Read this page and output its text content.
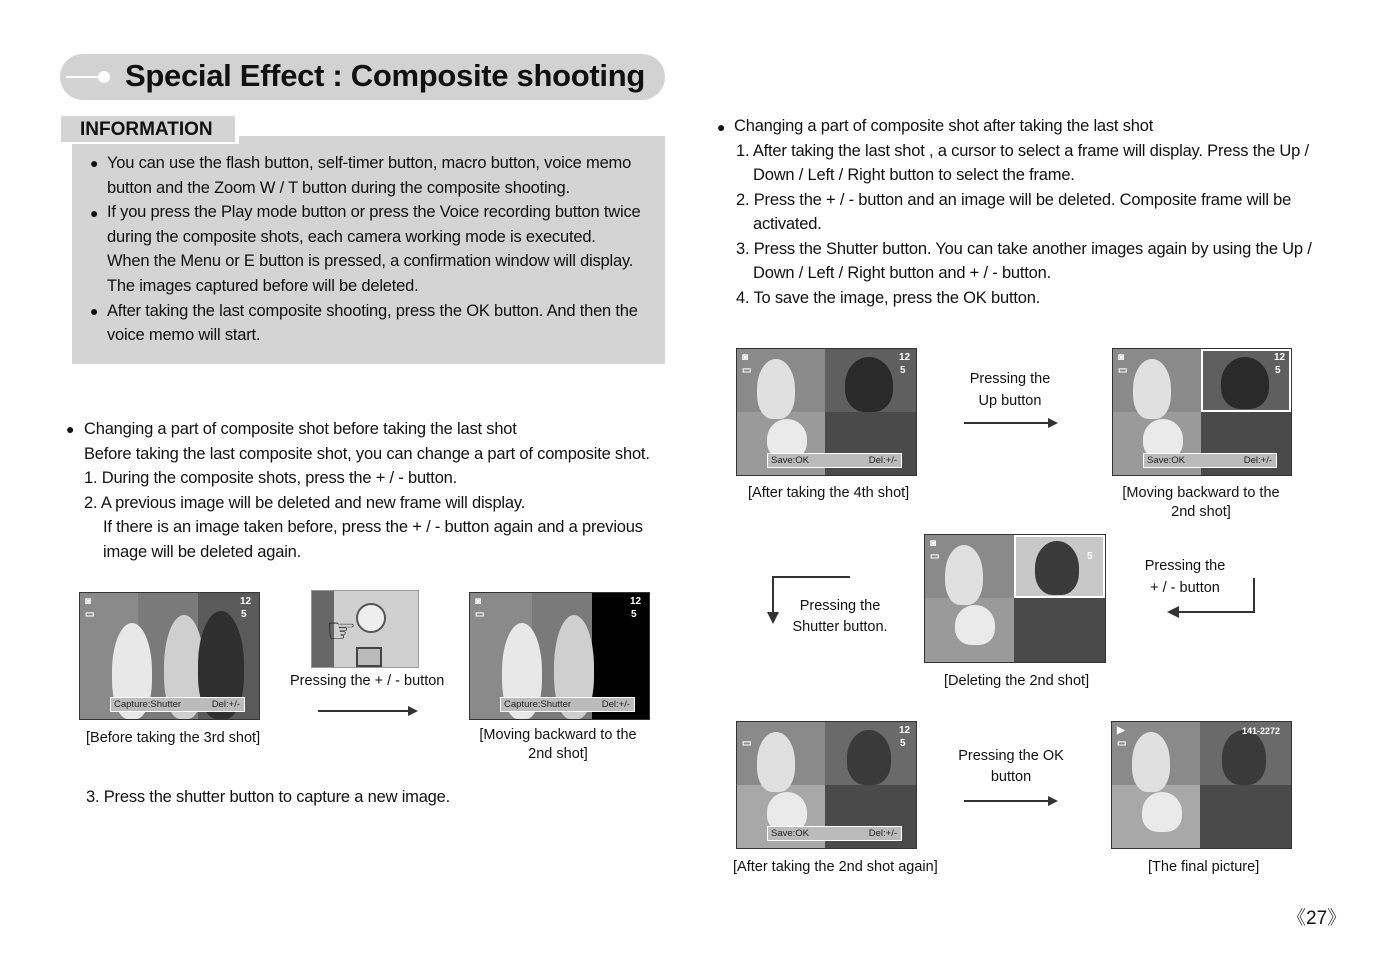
Special Effect : Composite shooting
INFORMATION
● You can use the flash button, self-timer button, macro button, voice memo
button and the Zoom W / T button during the composite shooting.
● If you press the Play mode button or press the Voice recording button twice
during the composite shots, each camera working mode is executed.
When the Menu or E button is pressed, a confirmation window will display.
The images captured before will be deleted.
● After taking the last composite shooting, press the OK button. And then the
voice memo will start.
● Changing a part of composite shot before taking the last shot
Before taking the last composite shot, you can change a part of composite shot.
1. During the composite shots, press the + / - button.
2. A previous image will be deleted and new frame will display.
If there is an image taken before, press the + / - button again and a previous
image will be deleted again.
◙
▭
12
5
Capture:Shutter	Del:+/-
[Before taking the 3rd shot]
☞
Pressing the + / - button
◙
▭
12
5
Capture:Shutter	Del:+/-
[Moving backward to the
2nd shot]
3. Press the shutter button to capture a new image.
● Changing a part of composite shot after taking the last shot
1. After taking the last shot , a cursor to select a frame will display. Press the Up /
Down / Left / Right button to select the frame.
2. Press the + / - button and an image will be deleted. Composite frame will be
activated.
3. Press the Shutter button. You can take another images again by using the Up /
Down / Left / Right button and + / - button.
4. To save the image, press the OK button.
◙
▭
12
5
Save:OK	Del:+/-
[After taking the 4th shot]
Pressing the
Up button
◙
▭
12
5
Save:OK	Del:+/-
[Moving backward to the
2nd shot]
Pressing the
Shutter button.
◙
▭	5
[Deleting the 2nd shot]
Pressing the
+ / - button
▭
12
5
Save:OK	Del:+/-
[After taking the 2nd shot again]
Pressing the OK
button
▶
▭
141-2272
[The final picture]
《27》
